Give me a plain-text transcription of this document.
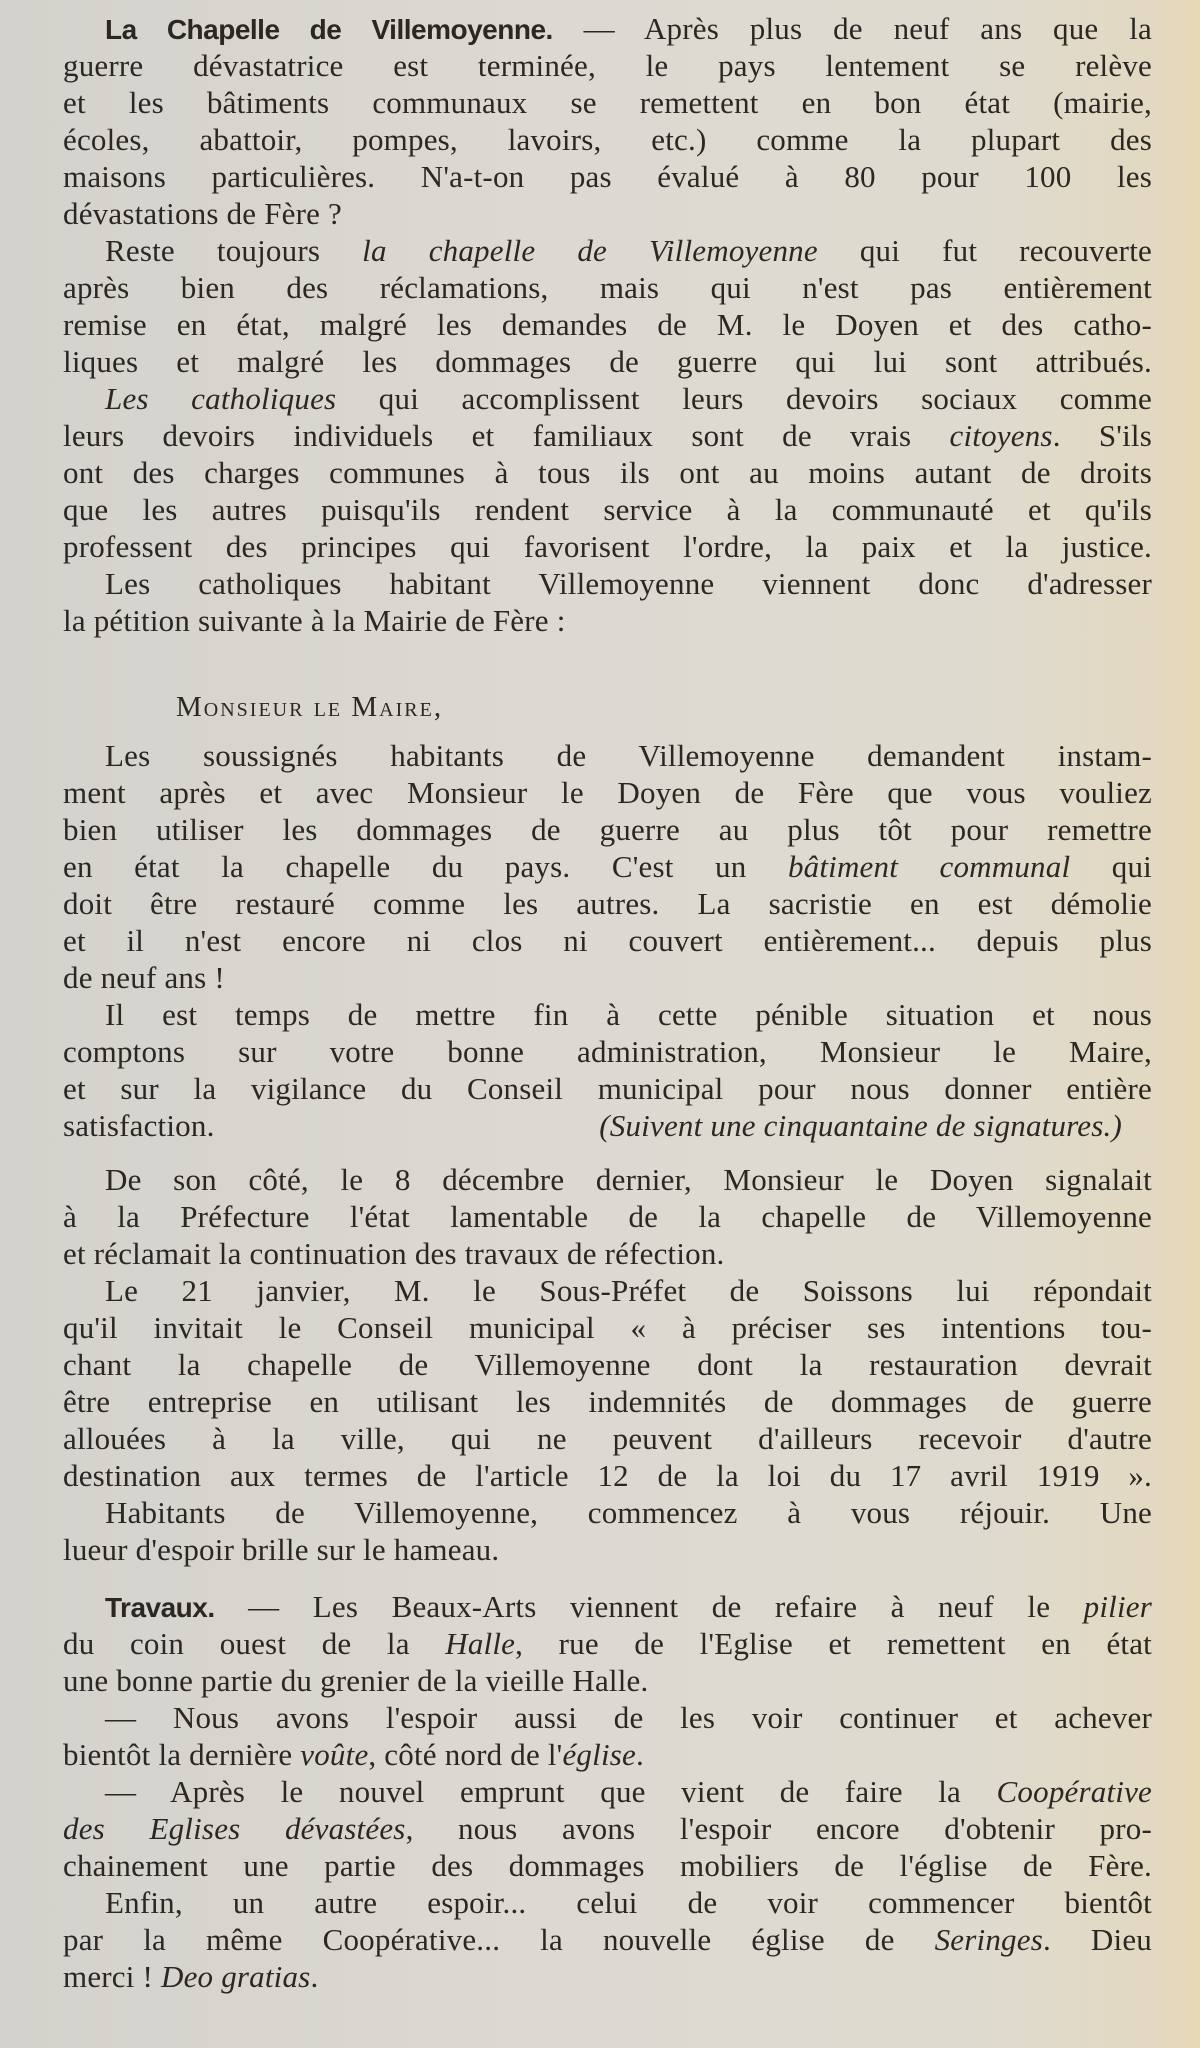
La Chapelle de Villemoyenne. — Après plus de neuf ans que la
guerre dévastatrice est terminée, le pays lentement se relève
et les bâtiments communaux se remettent en bon état (mairie,
écoles, abattoir, pompes, lavoirs, etc.) comme la plupart des
maisons particulières. N'a-t-on pas évalué à 80 pour 100 les
dévastations de Fère ?
Reste toujours la chapelle de Villemoyenne qui fut recouverte
après bien des réclamations, mais qui n'est pas entièrement
remise en état, malgré les demandes de M. le Doyen et des catho-
liques et malgré les dommages de guerre qui lui sont attribués.
Les catholiques qui accomplissent leurs devoirs sociaux comme
leurs devoirs individuels et familiaux sont de vrais citoyens. S'ils
ont des charges communes à tous ils ont au moins autant de droits
que les autres puisqu'ils rendent service à la communauté et qu'ils
professent des principes qui favorisent l'ordre, la paix et la justice.
Les catholiques habitant Villemoyenne viennent donc d'adresser
la pétition suivante à la Mairie de Fère :
Monsieur le Maire,
Les soussignés habitants de Villemoyenne demandent instam-
ment après et avec Monsieur le Doyen de Fère que vous vouliez
bien utiliser les dommages de guerre au plus tôt pour remettre
en état la chapelle du pays. C'est un bâtiment communal qui
doit être restauré comme les autres. La sacristie en est démolie
et il n'est encore ni clos ni couvert entièrement... depuis plus
de neuf ans !
Il est temps de mettre fin à cette pénible situation et nous
comptons sur votre bonne administration, Monsieur le Maire,
et sur la vigilance du Conseil municipal pour nous donner entière
satisfaction.	(Suivent une cinquantaine de signatures.)
De son côté, le 8 décembre dernier, Monsieur le Doyen signalait
à la Préfecture l'état lamentable de la chapelle de Villemoyenne
et réclamait la continuation des travaux de réfection.
Le 21 janvier, M. le Sous-Préfet de Soissons lui répondait
qu'il invitait le Conseil municipal « à préciser ses intentions tou-
chant la chapelle de Villemoyenne dont la restauration devrait
être entreprise en utilisant les indemnités de dommages de guerre
allouées à la ville, qui ne peuvent d'ailleurs recevoir d'autre
destination aux termes de l'article 12 de la loi du 17 avril 1919 ».
Habitants de Villemoyenne, commencez à vous réjouir. Une
lueur d'espoir brille sur le hameau.
Travaux. — Les Beaux-Arts viennent de refaire à neuf le pilier
du coin ouest de la Halle, rue de l'Eglise et remettent en état
une bonne partie du grenier de la vieille Halle.
— Nous avons l'espoir aussi de les voir continuer et achever
bientôt la dernière voûte, côté nord de l'église.
— Après le nouvel emprunt que vient de faire la Coopérative
des Eglises dévastées, nous avons l'espoir encore d'obtenir pro-
chainement une partie des dommages mobiliers de l'église de Fère.
Enfin, un autre espoir... celui de voir commencer bientôt
par la même Coopérative... la nouvelle église de Seringes. Dieu
merci ! Deo gratias.
